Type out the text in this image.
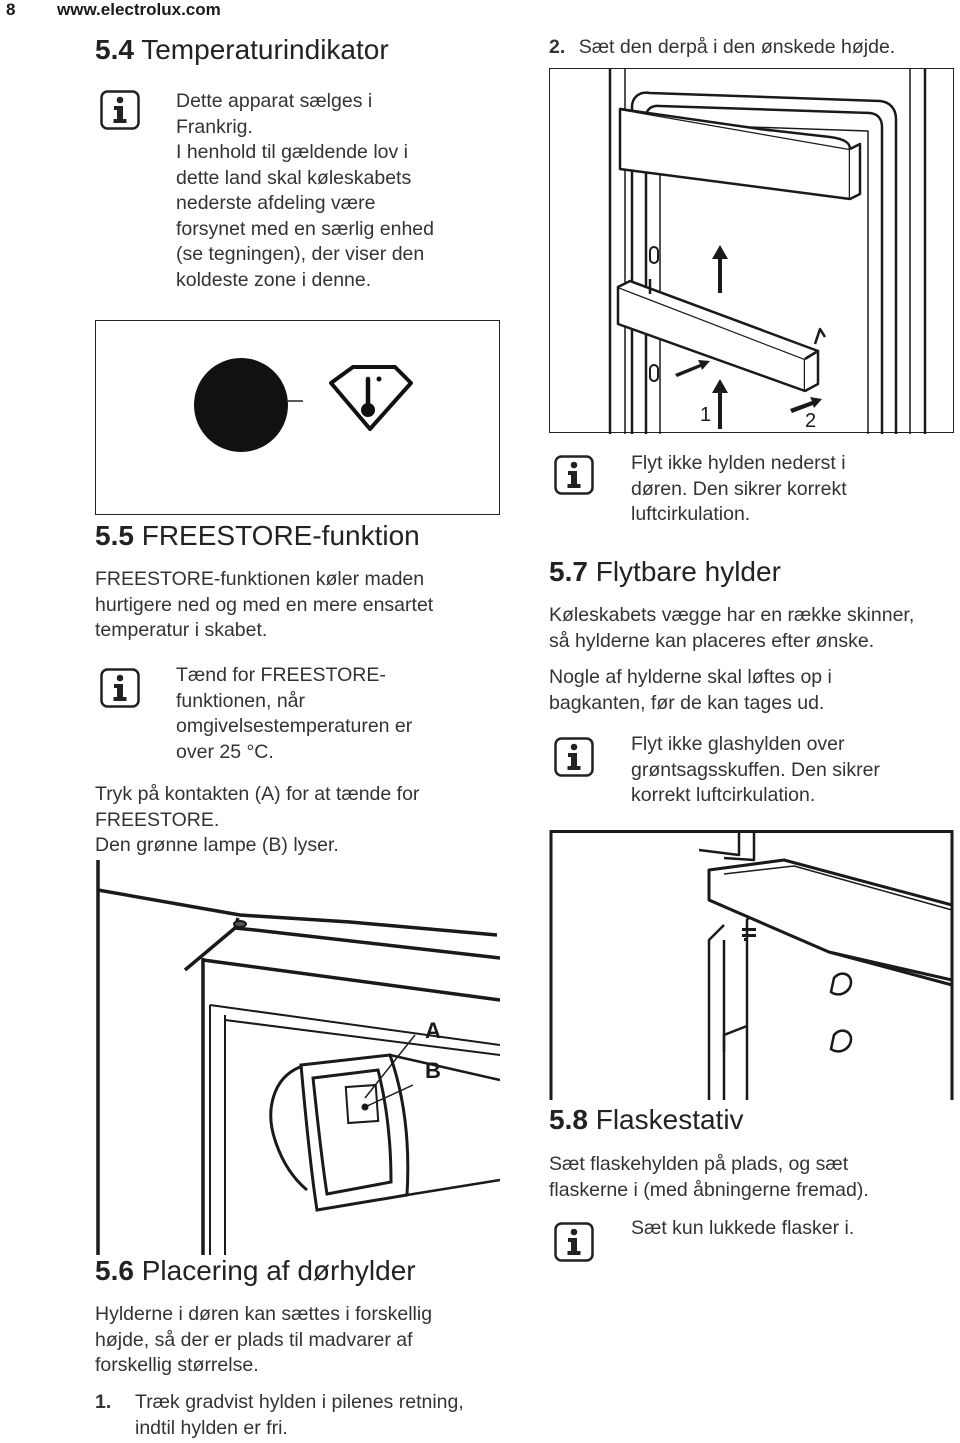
8 www.electrolux.com
5.4 Temperaturindikator
Dette apparat sælges i
Frankrig.
I henhold til gældende lov i
dette land skal køleskabets
nederste afdeling være
forsynet med en særlig enhed
(se tegningen), der viser den
koldeste zone i denne.
5.5 FREESTORE-funktion
FREESTORE-funktionen køler maden
hurtigere ned og med en mere ensartet
temperatur i skabet.
Tænd for FREESTORE-
funktionen, når
omgivelsestemperaturen er
over 25 °C.
Tryk på kontakten (A) for at tænde for
FREESTORE.
Den grønne lampe (B) lyser.
A
B
5.6 Placering af dørhylder
Hylderne i døren kan sættes i forskellig
højde, så der er plads til madvarer af
forskellig størrelse.
1. Træk gradvist hylden i pilenes retning,
indtil hylden er fri.
2. Sæt den derpå i den ønskede højde.
1	2
Flyt ikke hylden nederst i
døren. Den sikrer korrekt
luftcirkulation.
5.7 Flytbare hylder
Køleskabets vægge har en række skinner,
så hylderne kan placeres efter ønske.
Nogle af hylderne skal løftes op i
bagkanten, før de kan tages ud.
Flyt ikke glashylden over
grøntsagsskuffen. Den sikrer
korrekt luftcirkulation.
5.8 Flaskestativ
Sæt flaskehylden på plads, og sæt
flaskerne i (med åbningerne fremad).
Sæt kun lukkede flasker i.
